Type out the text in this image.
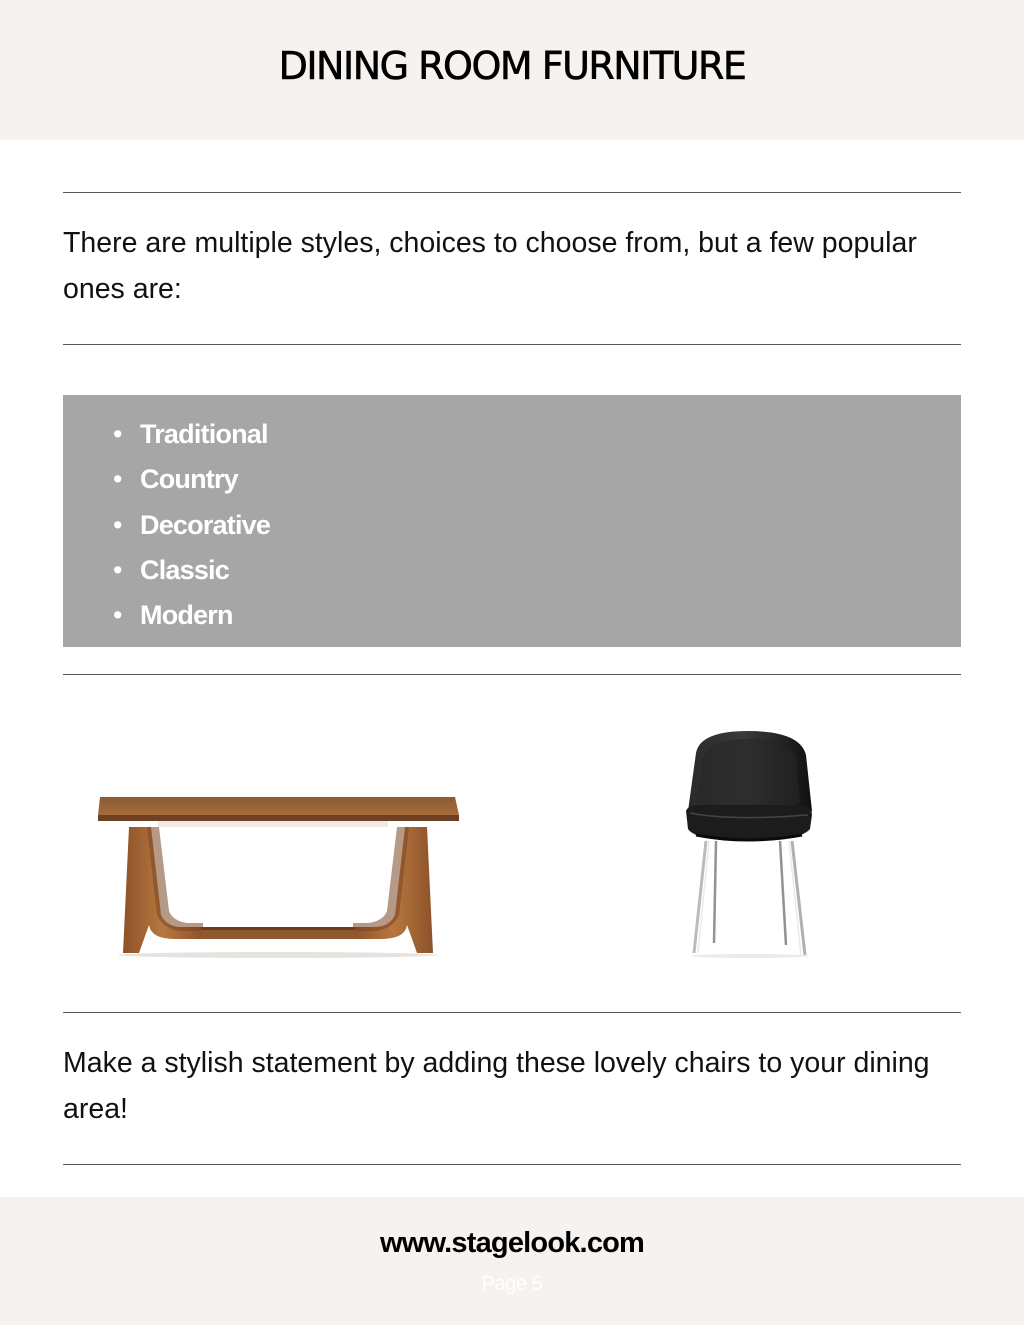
DINING ROOM FURNITURE

There are multiple styles, choices to choose from, but a few popular ones are:

• Traditional
• Country
• Decorative
• Classic
• Modern

Make a stylish statement by adding these lovely chairs to your dining area!

www.stagelook.com
Page 5
